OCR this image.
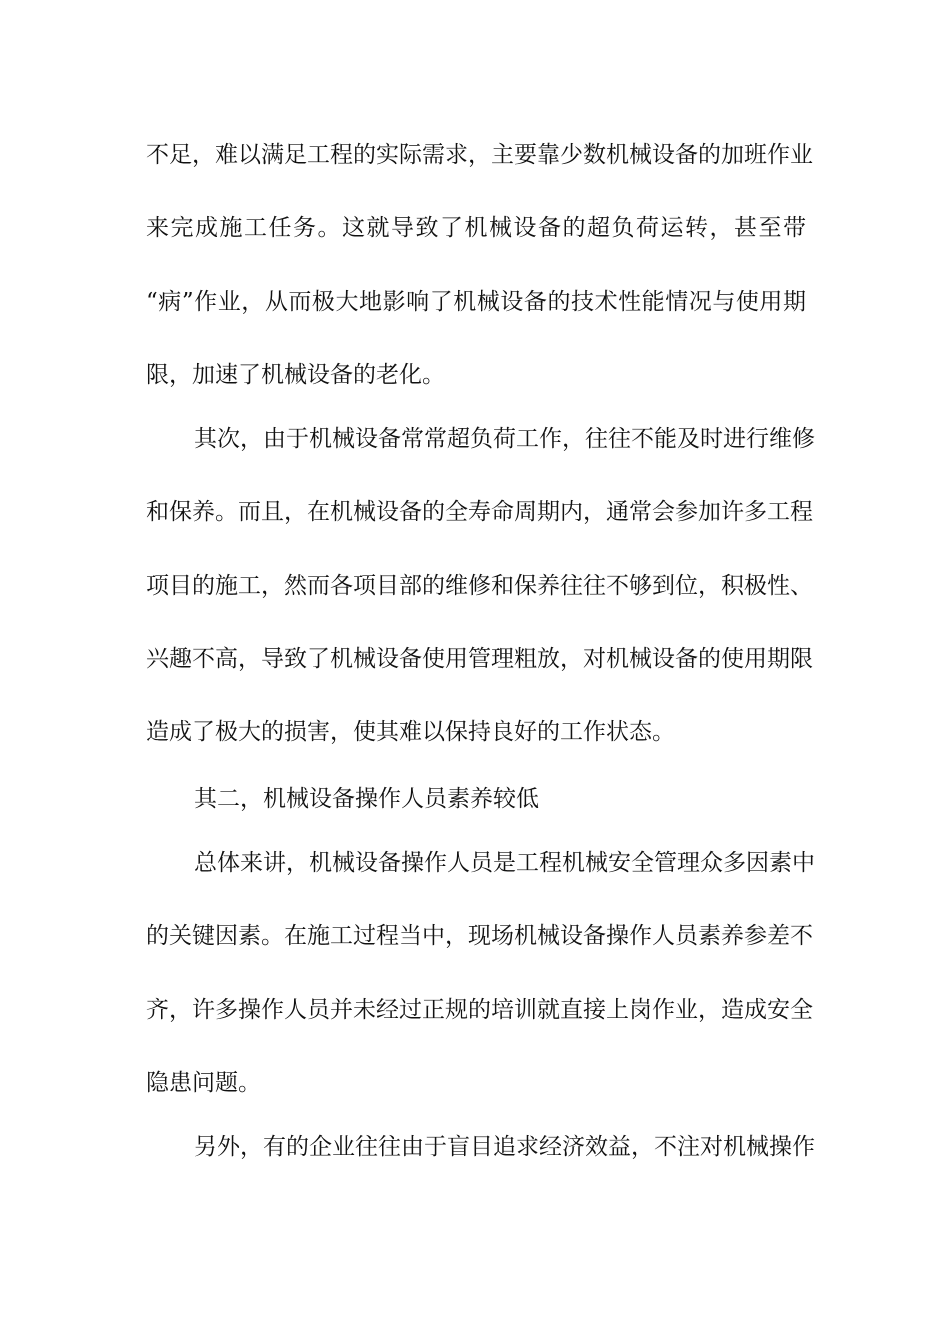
不足，难以满足工程的实际需求，主要靠少数机械设备的加班作业
来完成施工任务。这就导致了机械设备的超负荷运转，甚至带
“病”作业，从而极大地影响了机械设备的技术性能情况与使用期
限，加速了机械设备的老化。
其次，由于机械设备常常超负荷工作，往往不能及时进行维修
和保养。而且，在机械设备的全寿命周期内，通常会参加许多工程
项目的施工，然而各项目部的维修和保养往往不够到位，积极性、
兴趣不高，导致了机械设备使用管理粗放，对机械设备的使用期限
造成了极大的损害，使其难以保持良好的工作状态。
其二，机械设备操作人员素养较低
总体来讲，机械设备操作人员是工程机械安全管理众多因素中
的关键因素。在施工过程当中，现场机械设备操作人员素养参差不
齐，许多操作人员并未经过正规的培训就直接上岗作业，造成安全
隐患问题。
另外，有的企业往往由于盲目追求经济效益，不注对机械操作
